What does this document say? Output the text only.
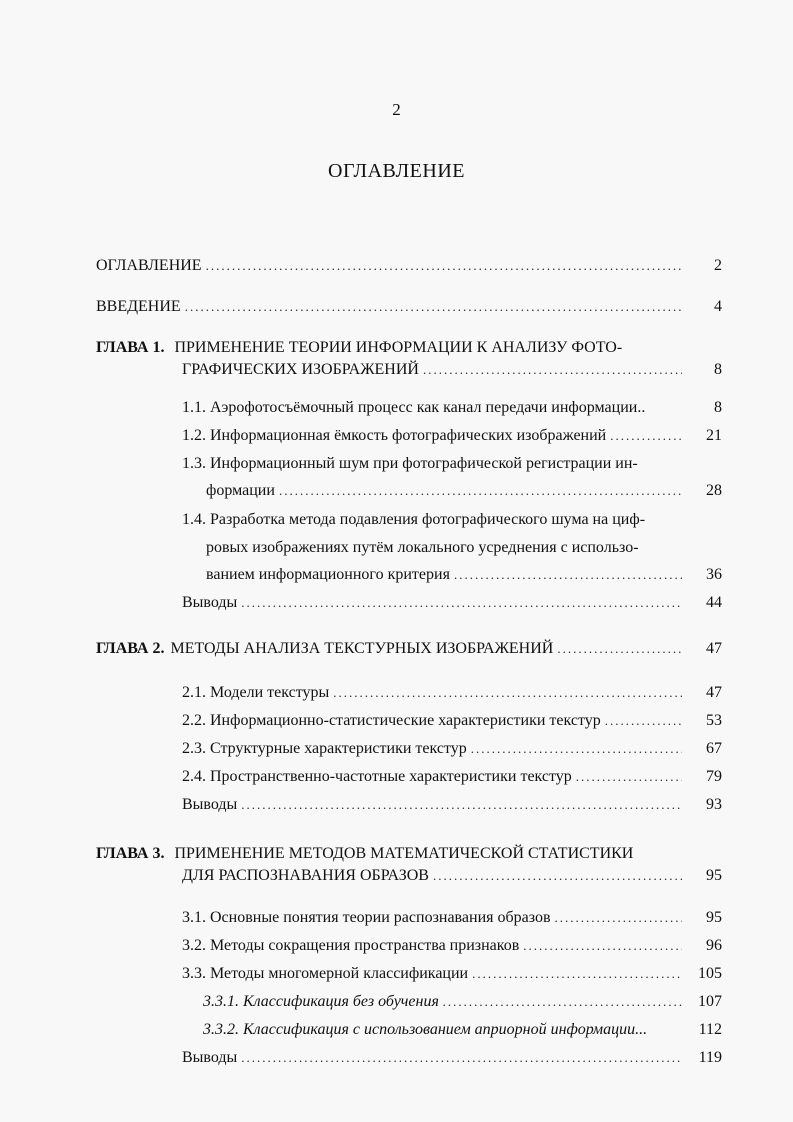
2
ОГЛАВЛЕНИЕ
ОГЛАВЛЕНИЕ .....	2
ВВЕДЕНИЕ .....	4
ГЛАВА 1. ПРИМЕНЕНИЕ ТЕОРИИ ИНФОРМАЦИИ К АНАЛИЗУ ФОТО-
ГРАФИЧЕСКИХ ИЗОБРАЖЕНИЙ .....	8
1.1. Аэрофотосъёмочный процесс как канал передачи информации..	8
1.2. Информационная ёмкость фотографических изображений .....	21
1.3. Информационный шум при фотографической регистрации ин-
формации .....	28
1.4. Разработка метода подавления фотографического шума на циф-
ровых изображениях путём локального усреднения с использо-
ванием информационного критерия .....	36
Выводы .....	44
ГЛАВА 2. МЕТОДЫ АНАЛИЗА ТЕКСТУРНЫХ ИЗОБРАЖЕНИЙ .....	47
2.1. Модели текстуры .....	47
2.2. Информационно-статистические характеристики текстур .....	53
2.3. Структурные характеристики текстур .....	67
2.4. Пространственно-частотные характеристики текстур .....	79
Выводы .....	93
ГЛАВА 3. ПРИМЕНЕНИЕ МЕТОДОВ МАТЕМАТИЧЕСКОЙ СТАТИСТИКИ
ДЛЯ РАСПОЗНАВАНИЯ ОБРАЗОВ .....	95
3.1. Основные понятия теории распознавания образов .....	95
3.2. Методы сокращения пространства признаков .....	96
3.3. Методы многомерной классификации .....	105
3.3.1. Классификация без обучения .....	107
3.3.2. Классификация с использованием априорной информации...	112
Выводы .....	119
